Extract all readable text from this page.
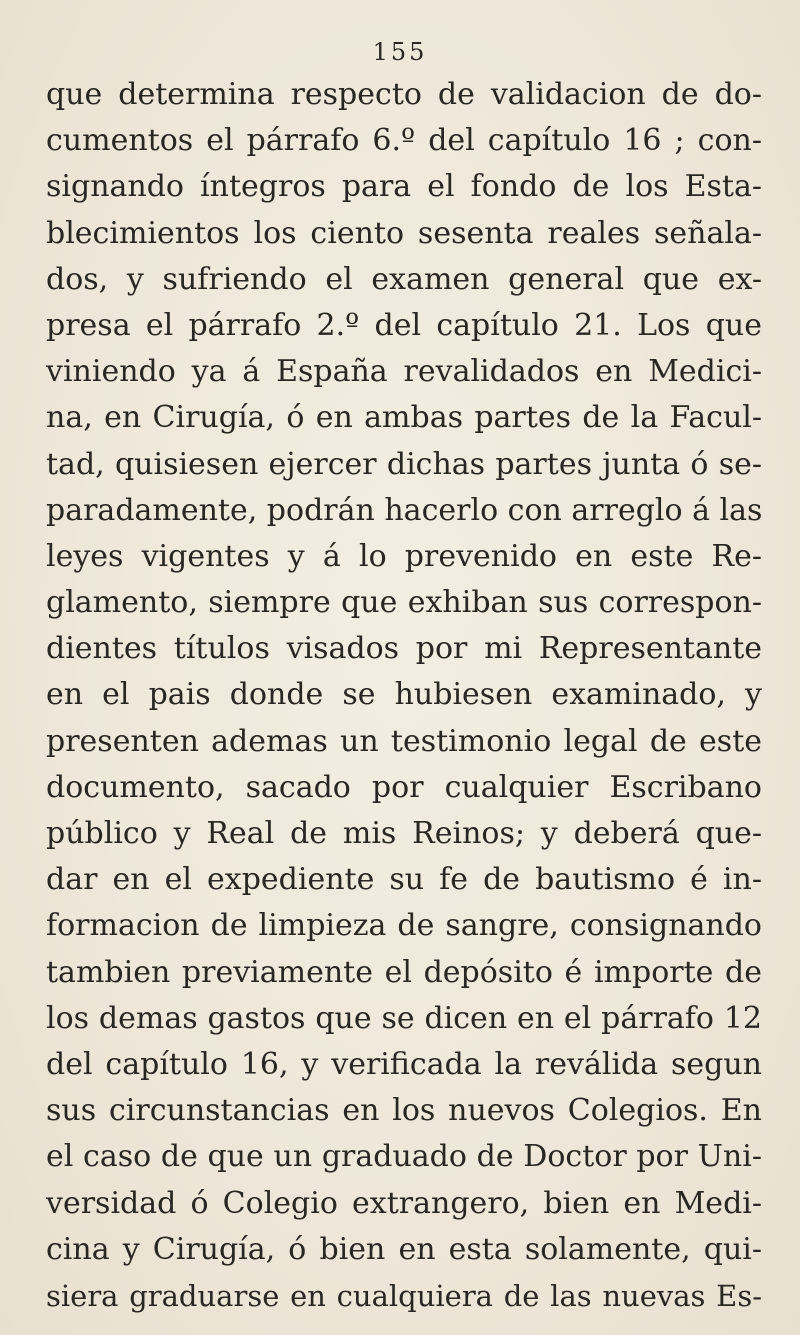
155
que determina respecto de validacion de do-
cumentos el párrafo 6.º del capítulo 16 ; con-
signando íntegros para el fondo de los Esta-
blecimientos los ciento sesenta reales señala-
dos, y sufriendo el examen general que ex-
presa el párrafo 2.º del capítulo 21. Los que
viniendo ya á España revalidados en Medici-
na, en Cirugía, ó en ambas partes de la Facul-
tad, quisiesen ejercer dichas partes junta ó se-
paradamente, podrán hacerlo con arreglo á las
leyes vigentes y á lo prevenido en este Re-
glamento, siempre que exhiban sus correspon-
dientes títulos visados por mi Representante
en el pais donde se hubiesen examinado, y
presenten ademas un testimonio legal de este
documento, sacado por cualquier Escribano
público y Real de mis Reinos; y deberá que-
dar en el expediente su fe de bautismo é in-
formacion de limpieza de sangre, consignando
tambien previamente el depósito é importe de
los demas gastos que se dicen en el párrafo 12
del capítulo 16, y verificada la reválida segun
sus circunstancias en los nuevos Colegios. En
el caso de que un graduado de Doctor por Uni-
versidad ó Colegio extrangero, bien en Medi-
cina y Cirugía, ó bien en esta solamente, qui-
siera graduarse en cualquiera de las nuevas Es-
